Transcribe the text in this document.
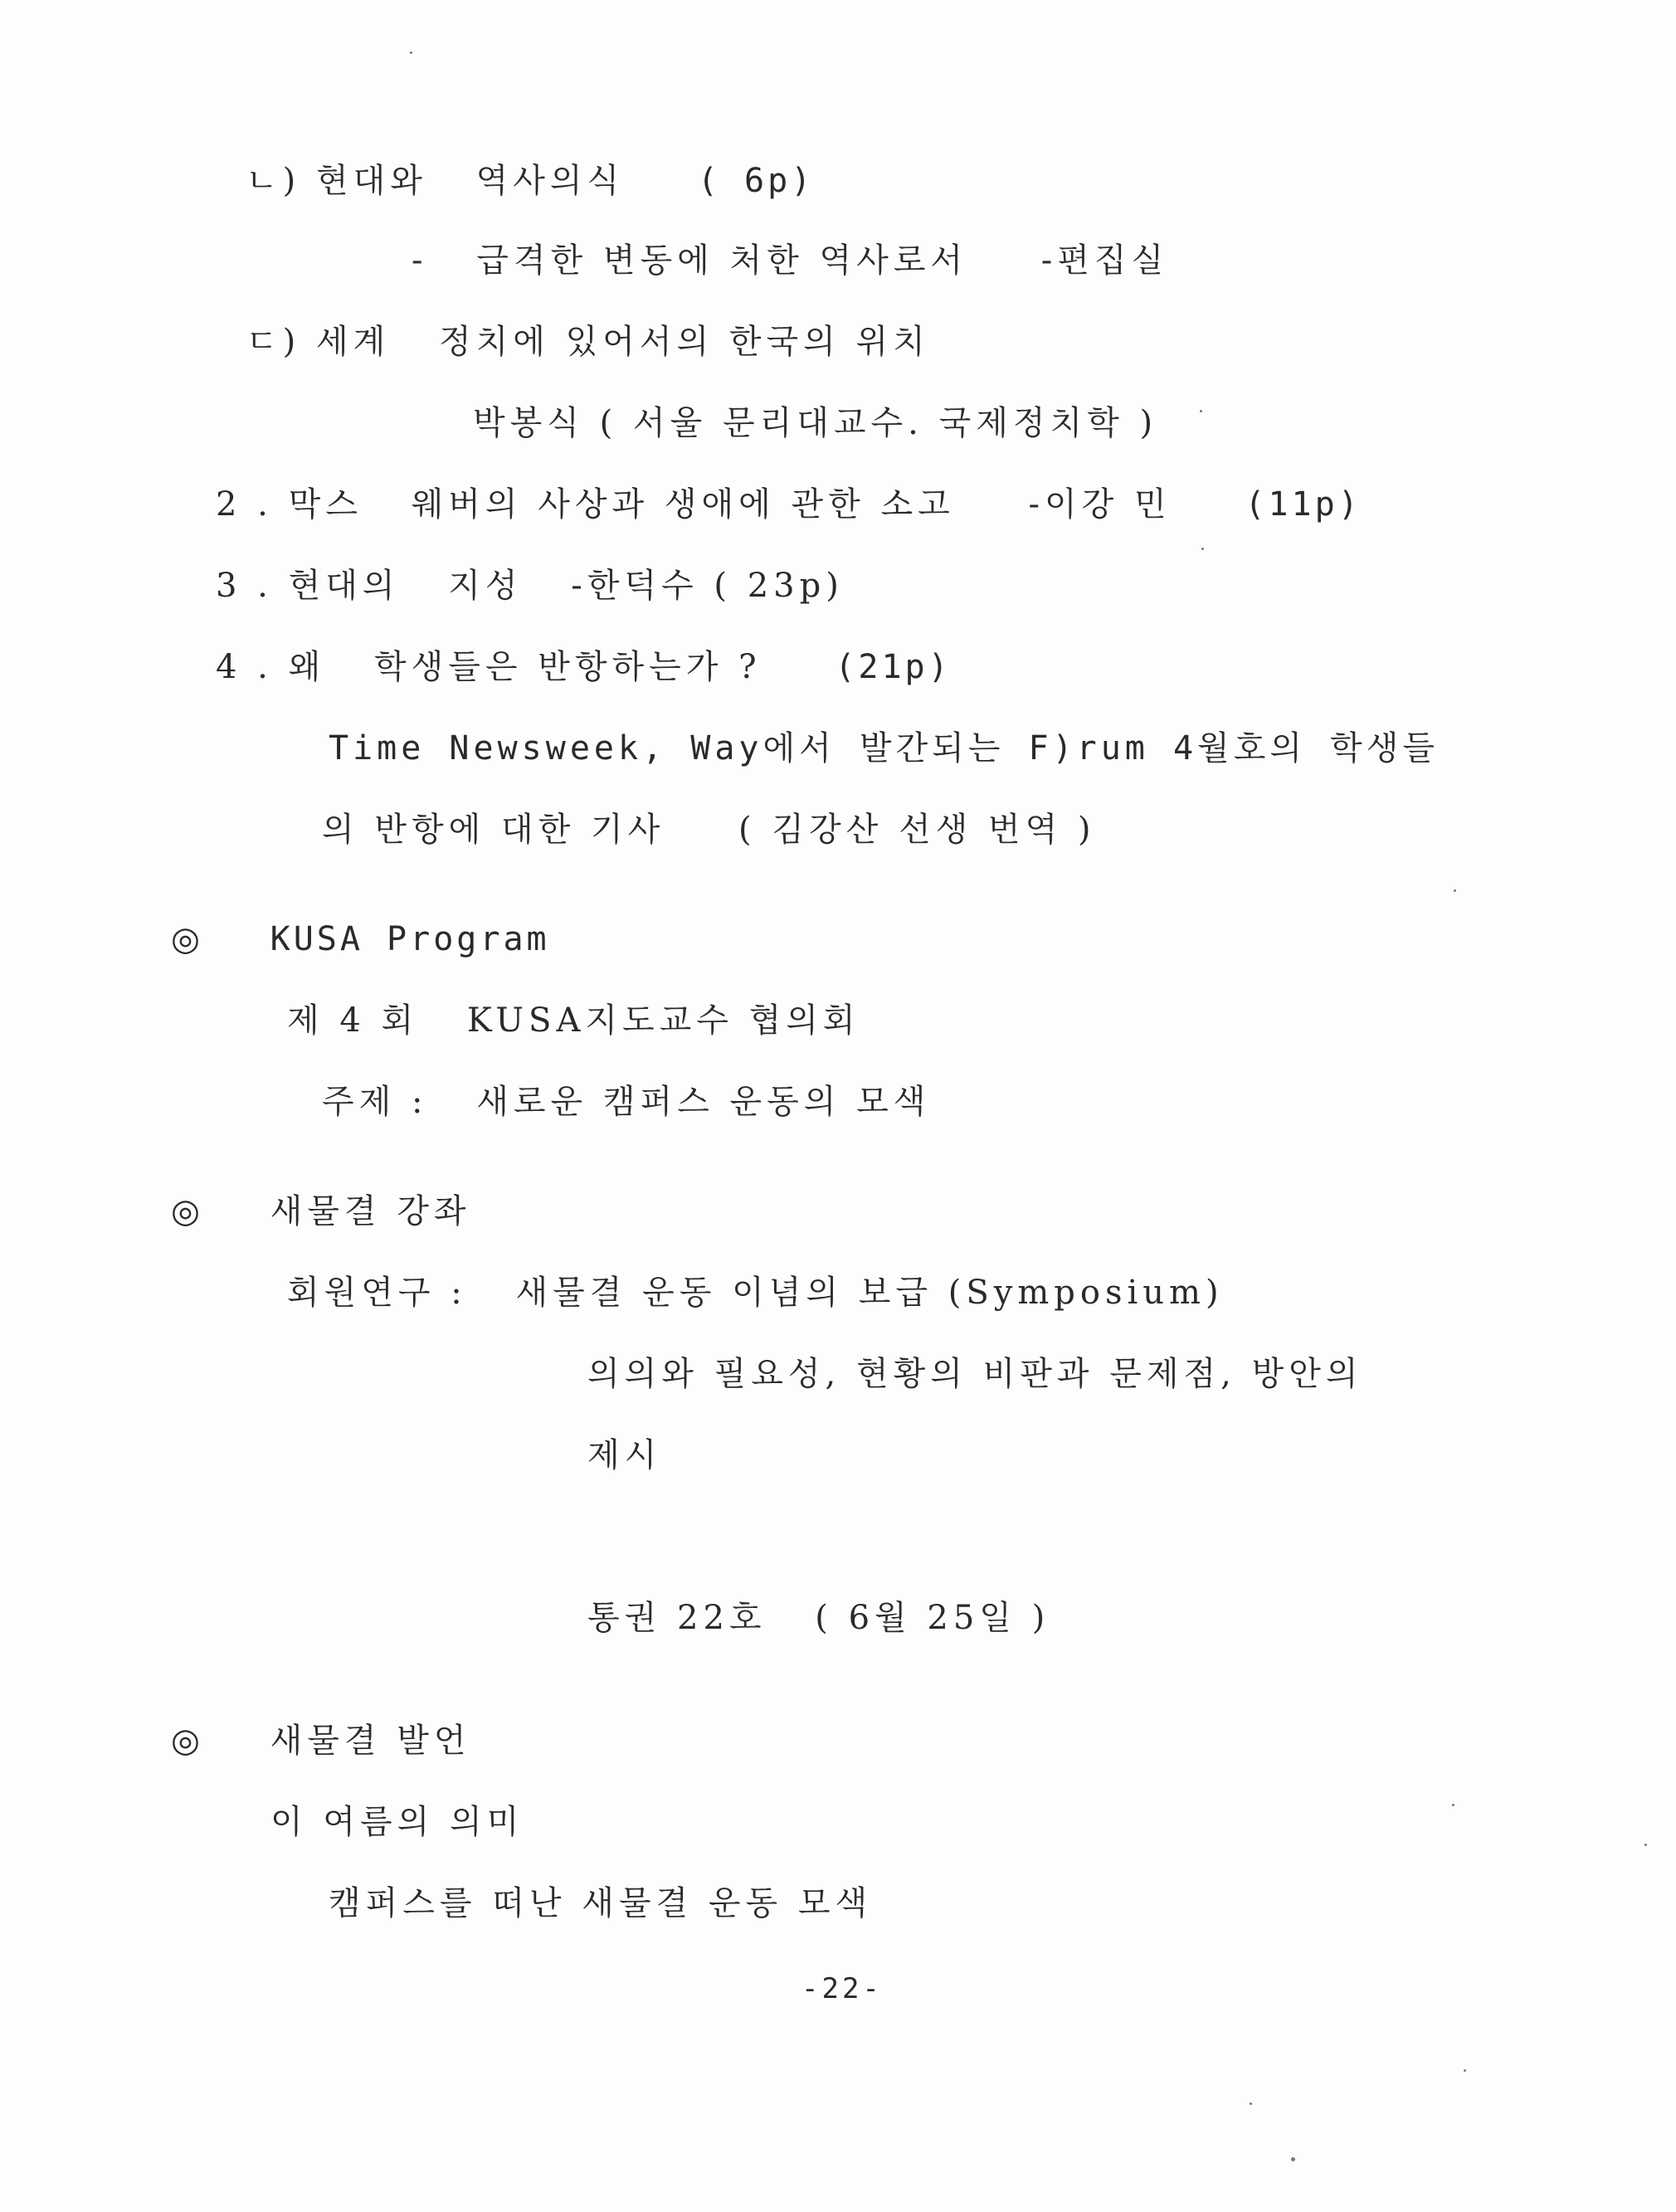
ㄴ) 현대와 역사의식 ( 6p)
- 급격한 변동에 처한 역사로서 -편집실
ㄷ) 세계 정치에 있어서의 한국의 위치
박봉식 ( 서울 문리대교수. 국제정치학 )
2 . 막스 웨버의 사상과 생애에 관한 소고 -이강 민 (11p)
3 . 현대의 지성 -한덕수 ( 23p)
4 . 왜 학생들은 반항하는가 ? (21p)
Time Newsweek, Way에서 발간되는 F)rum 4월호의 학생들
의 반항에 대한 기사 ( 김강산 선생 번역 )
◎ KUSA Program
제 4 회 KUSA지도교수 협의회
주제 : 새로운 캠퍼스 운동의 모색
◎ 새물결 강좌
회원연구 : 새물결 운동 이념의 보급 (Symposium)
의의와 필요성, 현황의 비판과 문제점, 방안의
제시
통권 22호 ( 6월 25일 )
◎ 새물결 발언
이 여름의 의미
캠퍼스를 떠난 새물결 운동 모색
-22-
